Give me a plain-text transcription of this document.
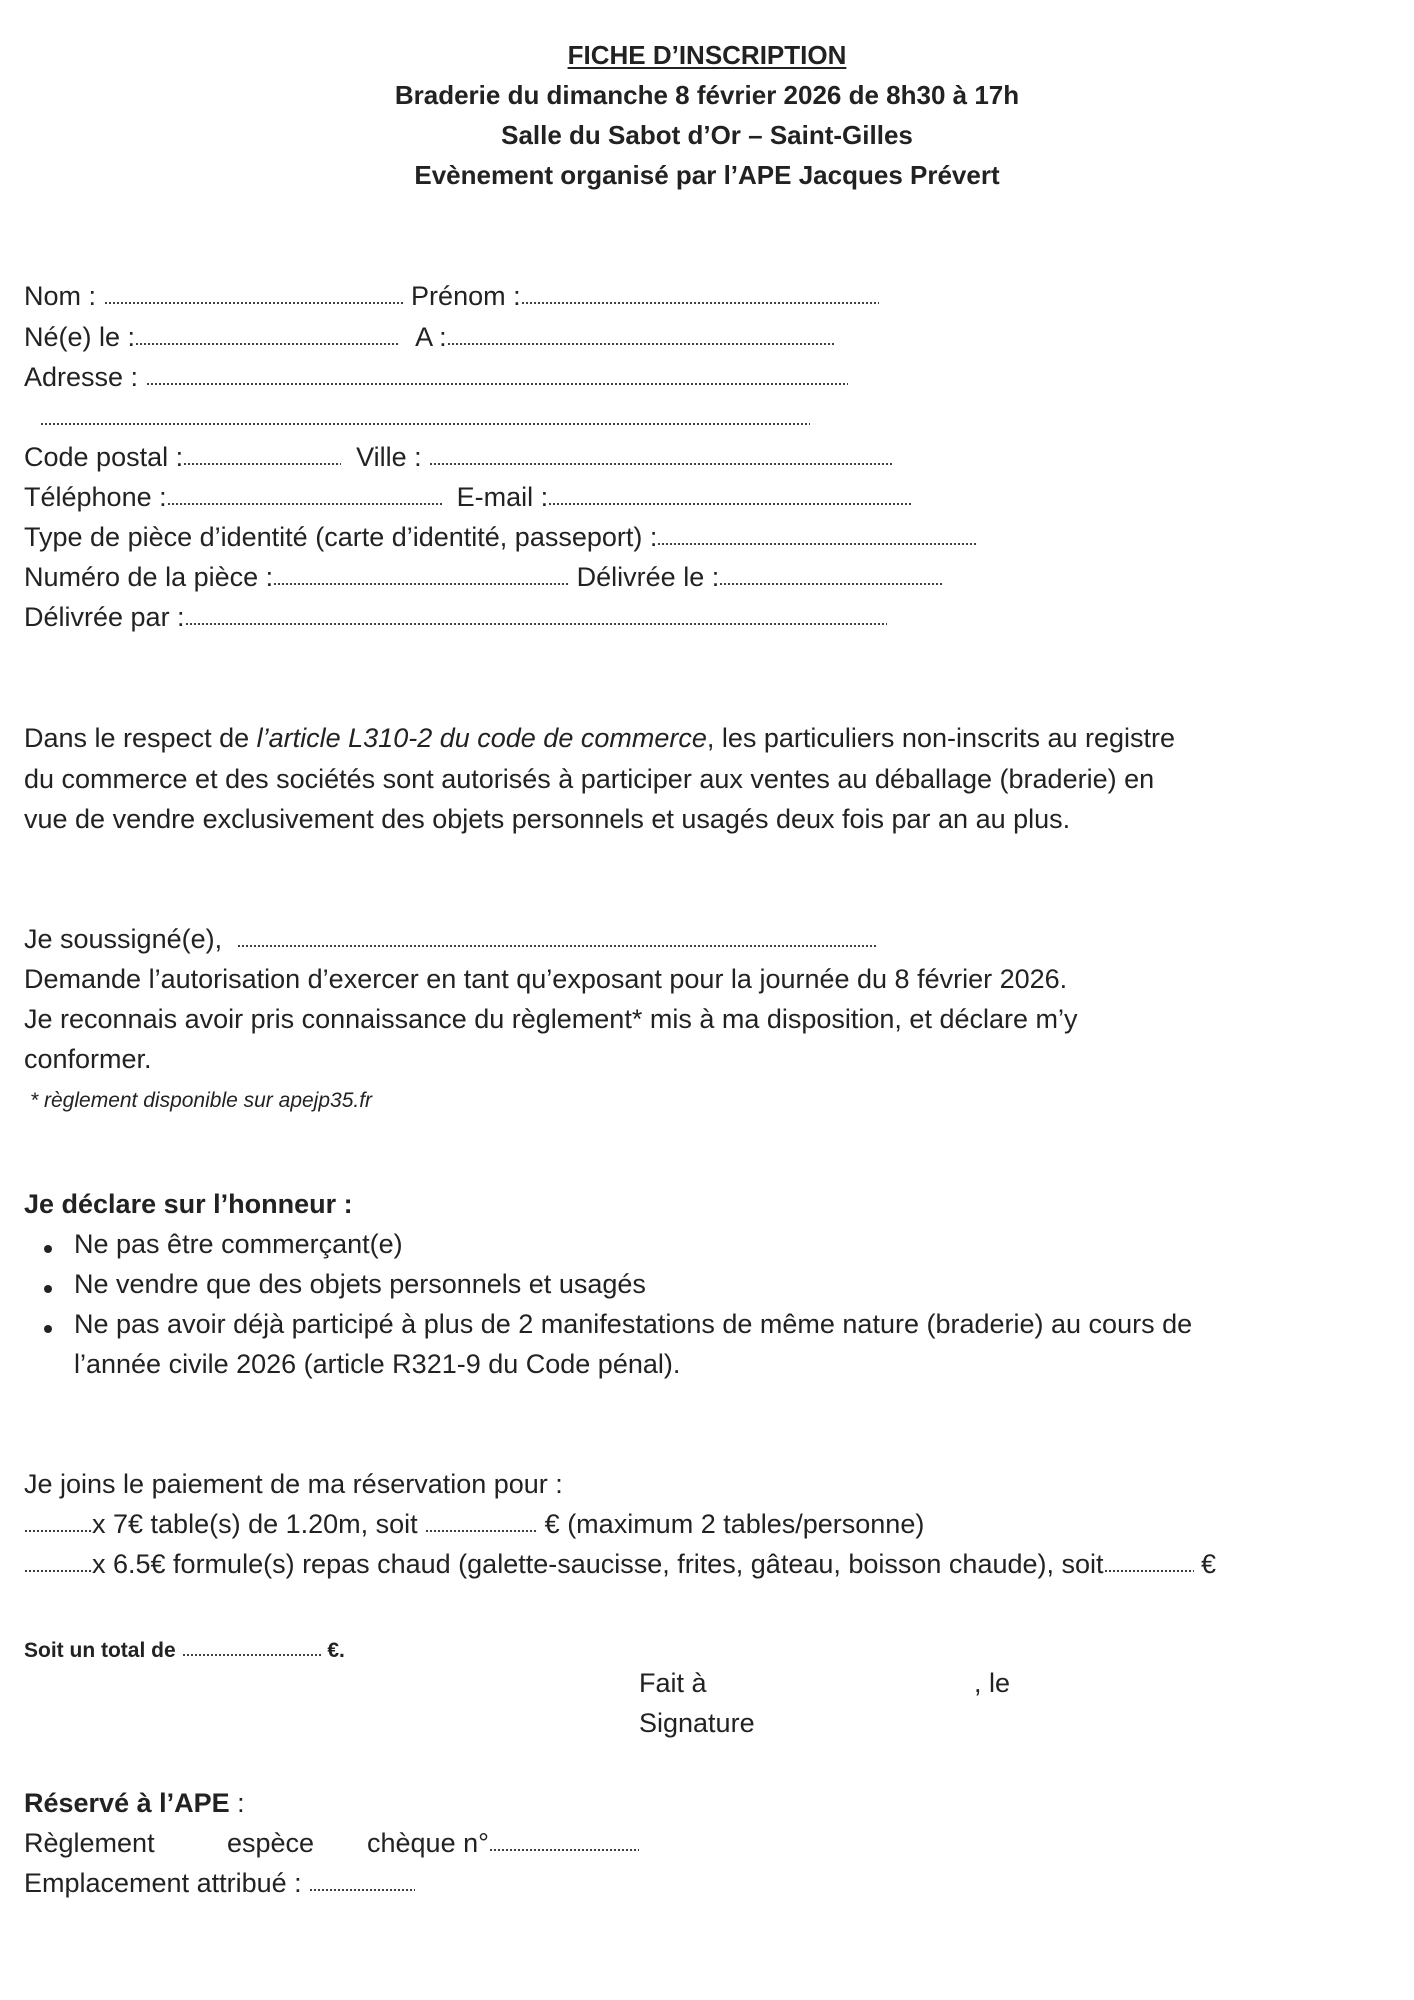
FICHE D’INSCRIPTION
Braderie du dimanche 8 février 2026 de 8h30 à 17h
Salle du Sabot d’Or – Saint-Gilles
Evènement organisé par l’APE Jacques Prévert
Nom :	Prénom :
Né(e) le :	A :
Adresse :
Code postal :	Ville :
Téléphone :	E-mail :
Type de pièce d’identité (carte d’identité, passeport) :
Numéro de la pièce :	Délivrée le :
Délivrée par :
Dans le respect de l’article L310-2 du code de commerce, les particuliers non-inscrits au registre
du commerce et des sociétés sont autorisés à participer aux ventes au déballage (braderie) en
vue de vendre exclusivement des objets personnels et usagés deux fois par an au plus.
Je soussigné(e),
Demande l’autorisation d’exercer en tant qu’exposant pour la journée du 8 février 2026.
Je reconnais avoir pris connaissance du règlement* mis à ma disposition, et déclare m’y
conformer.
* règlement disponible sur apejp35.fr
Je déclare sur l’honneur :
Ne pas être commerçant(e)
Ne vendre que des objets personnels et usagés
Ne pas avoir déjà participé à plus de 2 manifestations de même nature (braderie) au cours de
l’année civile 2026 (article R321-9 du Code pénal).
Je joins le paiement de ma réservation pour :
x 7€ table(s) de 1.20m, soit	€ (maximum 2 tables/personne)
x 6.5€ formule(s) repas chaud (galette-saucisse, frites, gâteau, boisson chaude), soit	€
Soit un total de	€.
Fait à	, le
Signature
Réservé à l’APE :
Règlement	espèce chèque n°
Emplacement attribué :
